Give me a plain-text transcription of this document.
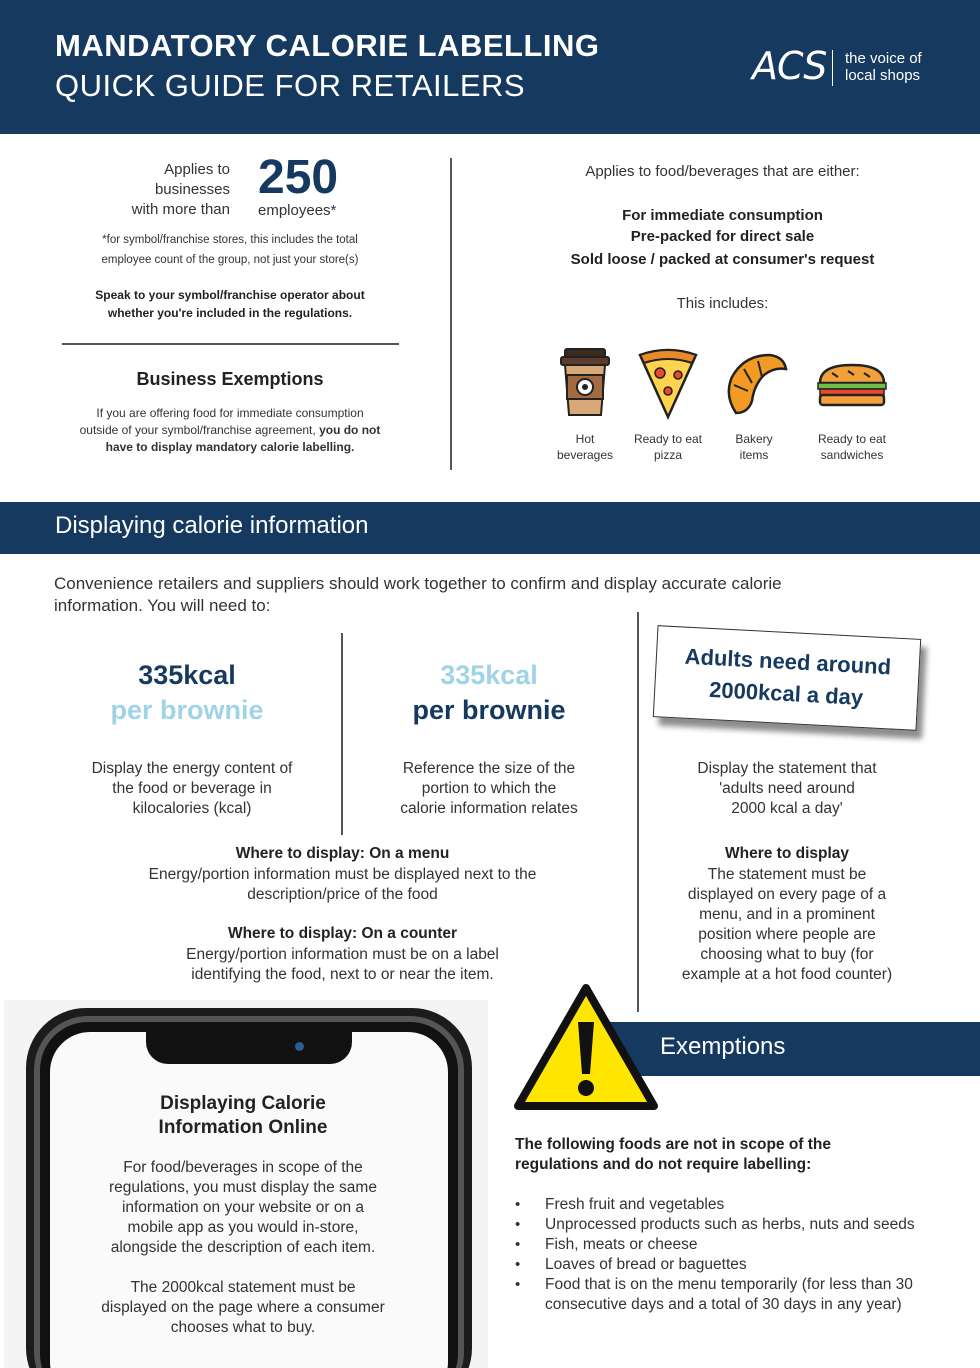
MANDATORY CALORIE LABELLING
QUICK GUIDE FOR RETAILERS	ACS the voice of
local shops
Applies to
businesses
with more than
250
employees*
*for symbol/franchise stores, this includes the total
employee count of the group, not just your store(s)
Speak to your symbol/franchise operator about
whether you're included in the regulations.
Business Exemptions
If you are offering food for immediate consumption
outside of your symbol/franchise agreement, you do not
have to display mandatory calorie labelling.
Applies to food/beverages that are either:
For immediate consumption
Pre-packed for direct sale
Sold loose / packed at consumer's request
This includes:
Hot
beverages
Ready to eat
pizza
Bakery
items
Ready to eat
sandwiches
Displaying calorie information
Convenience retailers and suppliers should work together to confirm and display accurate calorie
information. You will need to:
335kcal
per brownie
Display the energy content of
the food or beverage in
kilocalories (kcal)
335kcal
per brownie
Reference the size of the
portion to which the
calorie information relates
Adults need around
2000kcal a day
Display the statement that
'adults need around
2000 kcal a day'
Where to display: On a menu
Energy/portion information must be displayed next to the
description/price of the food
Where to display: On a counter
Energy/portion information must be on a label
identifying the food, next to or near the item.
Where to display
The statement must be
displayed on every page of a
menu, and in a prominent
position where people are
choosing what to buy (for
example at a hot food counter)
Displaying Calorie
Information Online
For food/beverages in scope of the
regulations, you must display the same
information on your website or on a
mobile app as you would in-store,
alongside the description of each item.
The 2000kcal statement must be
displayed on the page where a consumer
chooses what to buy.
Exemptions
The following foods are not in scope of the
regulations and do not require labelling:
• Fresh fruit and vegetables
• Unprocessed products such as herbs, nuts and seeds
• Fish, meats or cheese
• Loaves of bread or baguettes
• Food that is on the menu temporarily (for less than 30 consecutive days and a total of 30 days in any year)
